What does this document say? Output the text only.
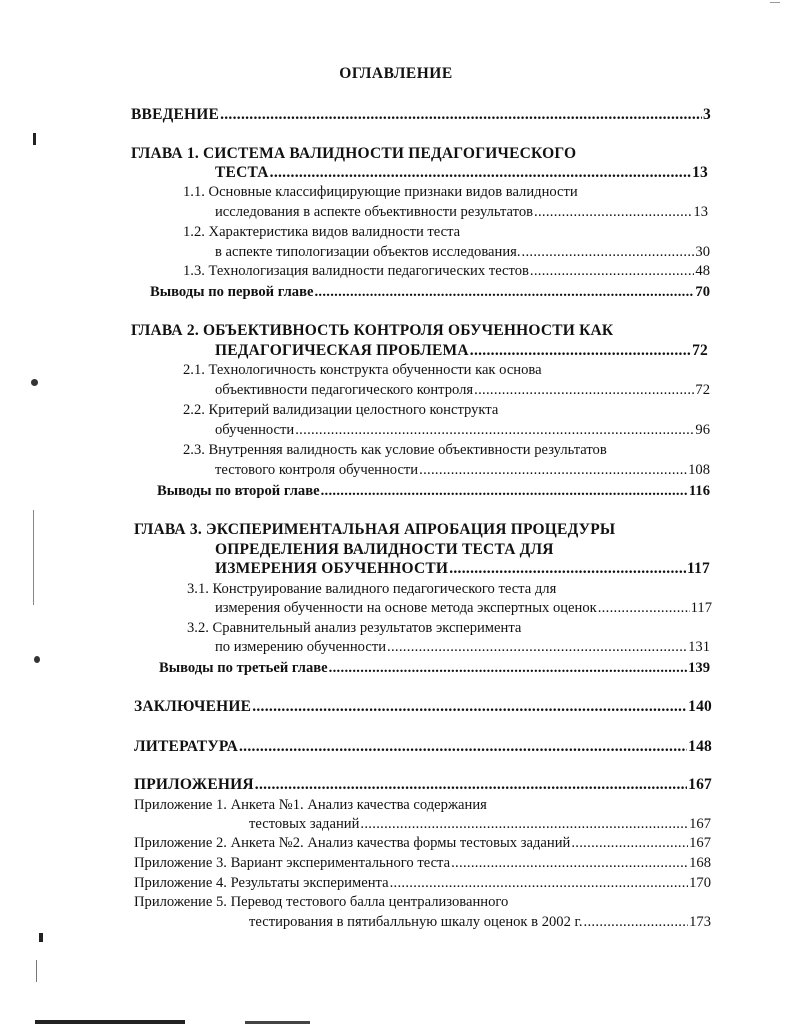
ОГЛАВЛЕНИЕ
ВВЕДЕНИЕ .....	3
ГЛАВА 1. СИСТЕМА ВАЛИДНОСТИ ПЕДАГОГИЧЕСКОГО
ТЕСТА .....	13
1.1. Основные классифицирующие признаки видов валидности
исследования в аспекте объективности результатов .....	13
1.2. Характеристика видов валидности теста
в аспекте типологизации объектов исследования. .....	30
1.3. Технологизация валидности педагогических тестов .....	48
Выводы по первой главе .....	70
ГЛАВА 2. ОБЪЕКТИВНОСТЬ КОНТРОЛЯ ОБУЧЕННОСТИ КАК
ПЕДАГОГИЧЕСКАЯ ПРОБЛЕМА .....	72
2.1. Технологичность конструкта обученности как основа
объективности педагогического контроля .....	72
2.2. Критерий валидизации целостного конструкта
обученности .....	96
2.3. Внутренняя валидность как условие объективности результатов
тестового контроля обученности .....	108
Выводы по второй главе .....	116
ГЛАВА 3. ЭКСПЕРИМЕНТАЛЬНАЯ АПРОБАЦИЯ ПРОЦЕДУРЫ
ОПРЕДЕЛЕНИЯ ВАЛИДНОСТИ ТЕСТА ДЛЯ
ИЗМЕРЕНИЯ ОБУЧЕННОСТИ .....	117
3.1. Конструирование валидного педагогического теста для
измерения обученности на основе метода экспертных оценок .....	117
3.2. Сравнительный анализ результатов эксперимента
по измерению обученности .....	131
Выводы по третьей главе .....	139
ЗАКЛЮЧЕНИЕ .....	140
ЛИТЕРАТУРА .....	148
ПРИЛОЖЕНИЯ .....	167
Приложение 1. Анкета №1. Анализ качества содержания
тестовых заданий .....	167
Приложение 2. Анкета №2. Анализ качества формы тестовых заданий .....	167
Приложение 3. Вариант экспериментального теста .....	168
Приложение 4. Результаты эксперимента .....	170
Приложение 5. Перевод тестового балла централизованного
тестирования в пятибалльную шкалу оценок в 2002 г. .....	173
